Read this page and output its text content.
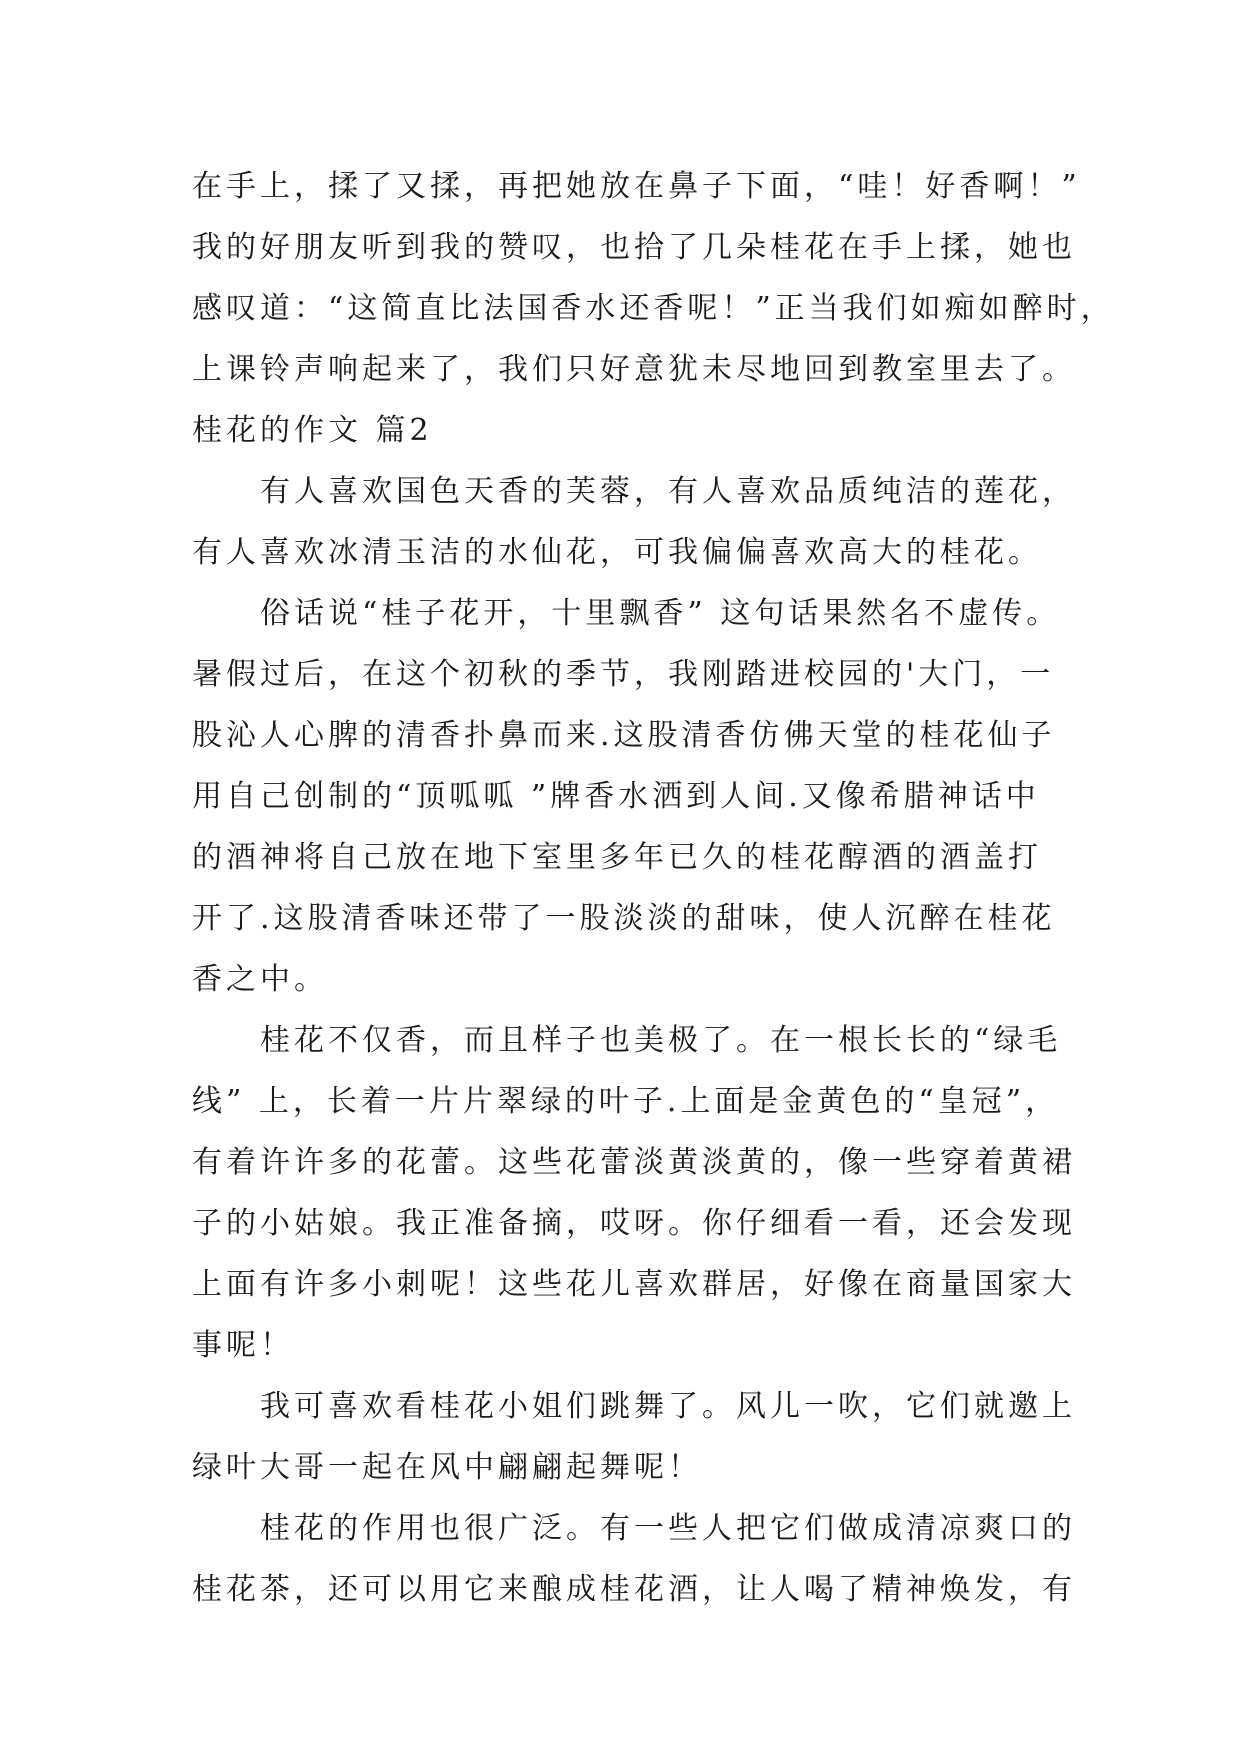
在手上，揉了又揉，再把她放在鼻子下面，“哇！好香啊！”
我的好朋友听到我的赞叹，也拾了几朵桂花在手上揉，她也
感叹道：“这简直比法国香水还香呢！”正当我们如痴如醉时，
上课铃声响起来了，我们只好意犹未尽地回到教室里去了。
桂花的作文 篇2
有人喜欢国色天香的芙蓉，有人喜欢品质纯洁的莲花，
有人喜欢冰清玉洁的水仙花，可我偏偏喜欢高大的桂花。
俗话说“桂子花开，十里飘香” 这句话果然名不虚传。
暑假过后，在这个初秋的季节，我刚踏进校园的'大门，一
股沁人心脾的清香扑鼻而来.这股清香仿佛天堂的桂花仙子
用自己创制的“顶呱呱 ”牌香水洒到人间.又像希腊神话中
的酒神将自己放在地下室里多年已久的桂花醇酒的酒盖打
开了.这股清香味还带了一股淡淡的甜味，使人沉醉在桂花
香之中。
桂花不仅香，而且样子也美极了。在一根长长的“绿毛
线” 上，长着一片片翠绿的叶子.上面是金黄色的“皇冠”，
有着许许多的花蕾。这些花蕾淡黄淡黄的，像一些穿着黄裙
子的小姑娘。我正准备摘，哎呀。你仔细看一看，还会发现
上面有许多小刺呢！这些花儿喜欢群居，好像在商量国家大
事呢！
我可喜欢看桂花小姐们跳舞了。风儿一吹，它们就邀上
绿叶大哥一起在风中翩翩起舞呢！
桂花的作用也很广泛。有一些人把它们做成清凉爽口的
桂花茶，还可以用它来酿成桂花酒，让人喝了精神焕发，有
